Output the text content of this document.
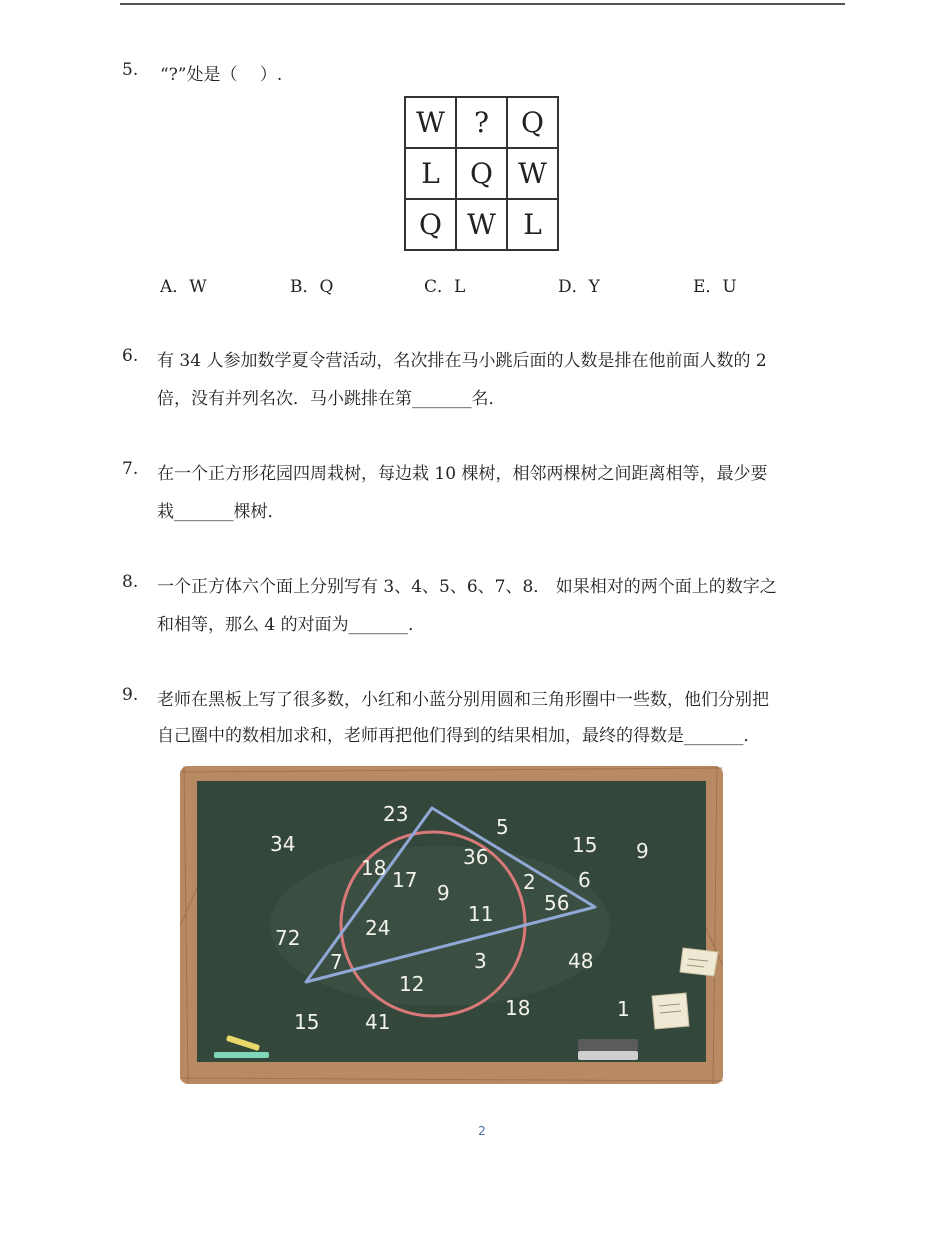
5. “?”处是（　 ）.
W	?	Q
L	Q	W
Q	W	L
A．W	B．Q	C．L	D．Y	E．U
6. 有 34 人参加数学夏令营活动，名次排在马小跳后面的人数是排在他前面人数的 2
倍，没有并列名次．马小跳排在第_______名．
7. 在一个正方形花园四周栽树，每边栽 10 棵树，相邻两棵树之间距离相等，最少要
栽_______棵树．
8. 一个正方体六个面上分别写有 3、4、5、6、7、8． 如果相对的两个面上的数字之
和相等，那么 4 的对面为_______．
9. 老师在黑板上写了很多数，小红和小蓝分别用圆和三角形圈中一些数，他们分别把
自己圈中的数相加求和，老师再把他们得到的结果相加，最终的得数是_______．
23
5
34	15 9
18 17
36
9	2 6
56
11
24
72
7	3	48
12
18	1
15 41
2
